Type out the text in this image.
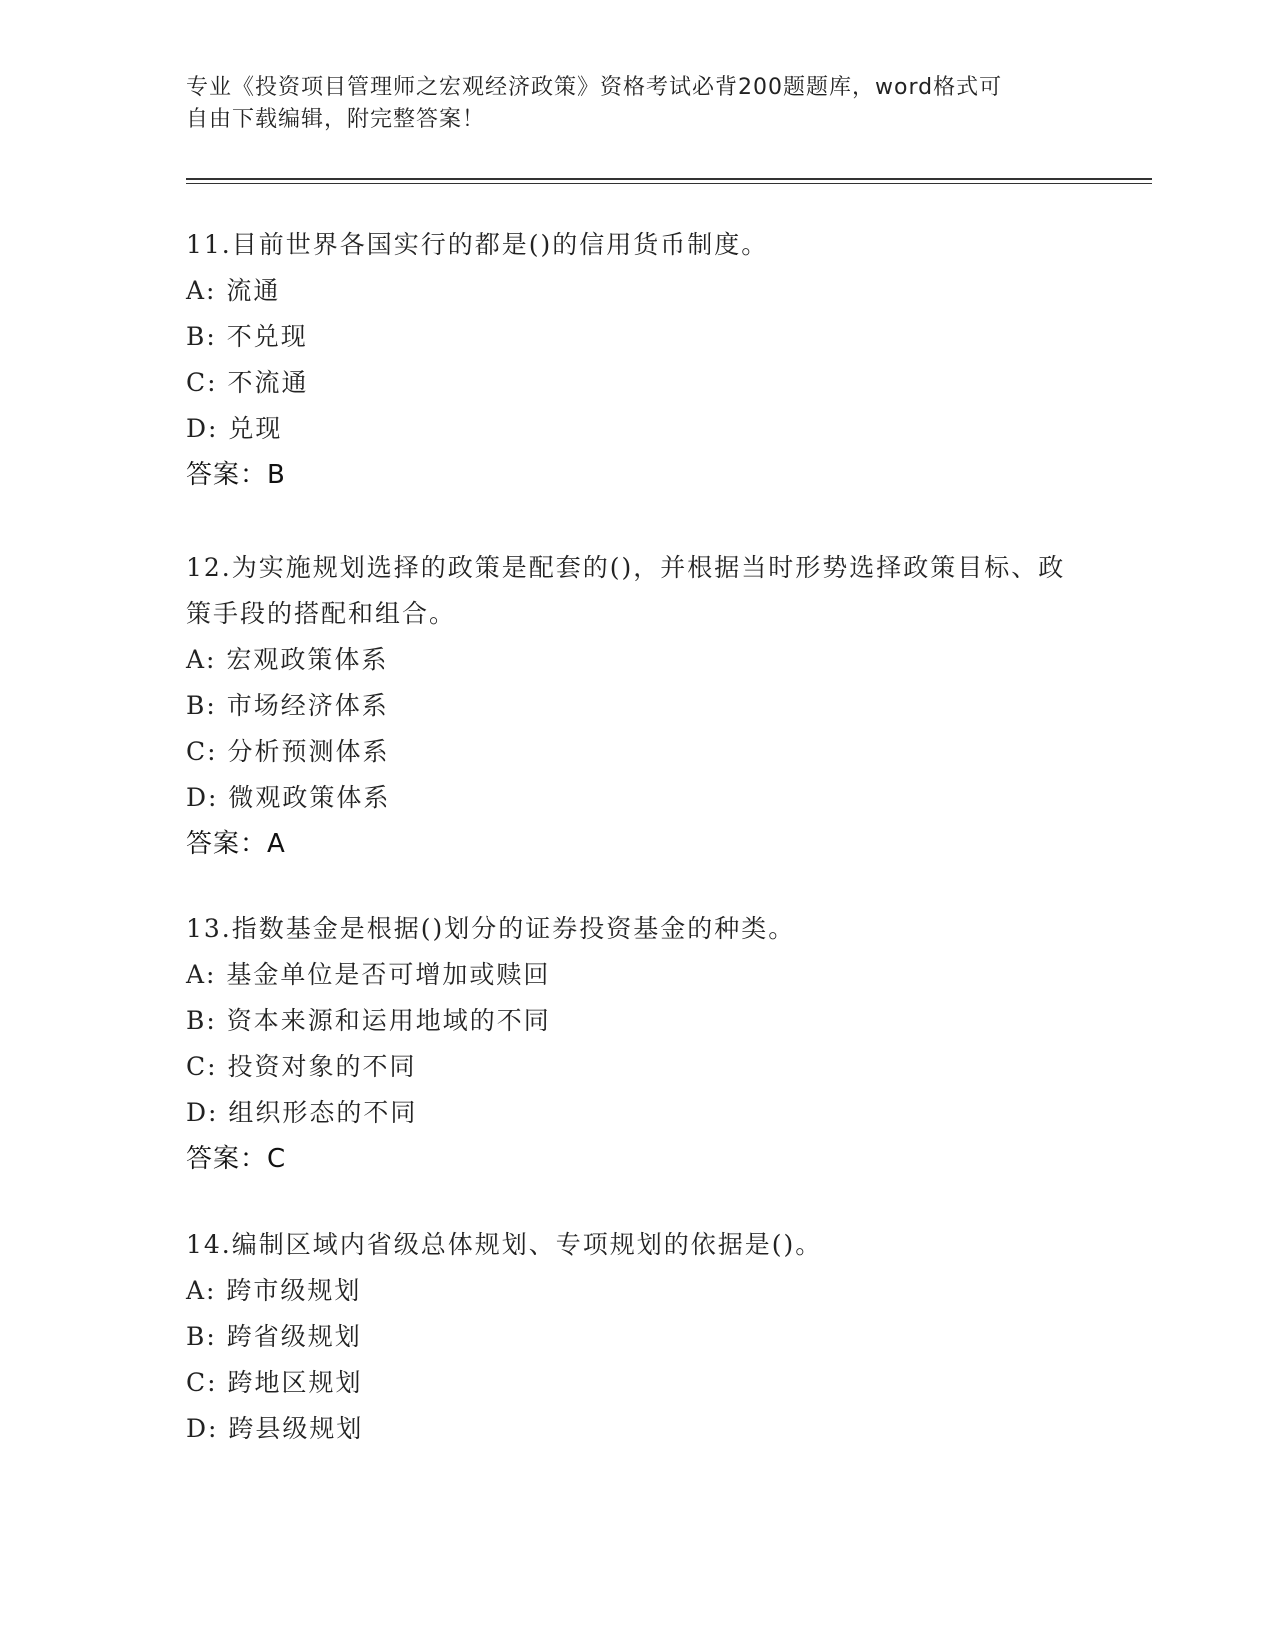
专业《投资项目管理师之宏观经济政策》资格考试必背200题题库，word格式可
自由下载编辑，附完整答案！
11.目前世界各国实行的都是()的信用货币制度。
A: 流通
B: 不兑现
C: 不流通
D: 兑现
答案：B
12.为实施规划选择的政策是配套的()，并根据当时形势选择政策目标、政策手段的搭配和组合。
A: 宏观政策体系
B: 市场经济体系
C: 分析预测体系
D: 微观政策体系
答案：A
13.指数基金是根据()划分的证券投资基金的种类。
A: 基金单位是否可增加或赎回
B: 资本来源和运用地域的不同
C: 投资对象的不同
D: 组织形态的不同
答案：C
14.编制区域内省级总体规划、专项规划的依据是()。
A: 跨市级规划
B: 跨省级规划
C: 跨地区规划
D: 跨县级规划
